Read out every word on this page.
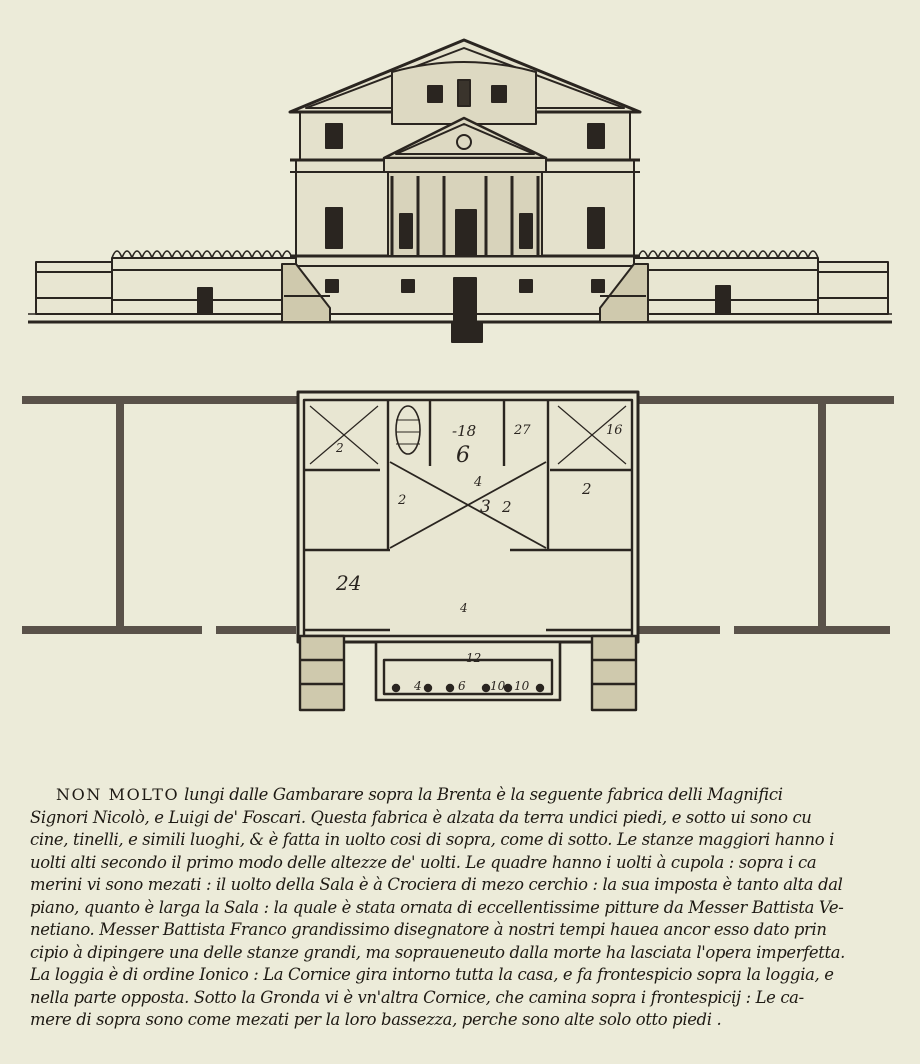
-18
6
4
3 2
2
27	16
2
2
24
4
12
4	6 10 10
NON MOLTO lungi dalle Gambarare sopra la Brenta è la seguente fabrica delli Magnifici
Signori Nicolò, e Luigi de' Foscari. Questa fabrica è alzata da terra undici piedi, e sotto ui sono cu
cine, tinelli, e simili luoghi, & è fatta in uolto cosi di sopra, come di sotto. Le stanze maggiori hanno i
uolti alti secondo il primo modo delle altezze de' uolti. Le quadre hanno i uolti à cupola : sopra i ca
merini vi sono mezati : il uolto della Sala è à Crociera di mezo cerchio : la sua imposta è tanto alta dal
piano, quanto è larga la Sala : la quale è stata ornata di eccellentissime pitture da Messer Battista Ve-
netiano. Messer Battista Franco grandissimo disegnatore à nostri tempi hauea ancor esso dato prin
cipio à dipingere una delle stanze grandi, ma sopraueneuto dalla morte ha lasciata l'opera imperfetta.
La loggia è di ordine Ionico : La Cornice gira intorno tutta la casa, e fa frontespicio sopra la loggia, e
nella parte opposta. Sotto la Gronda vi è vn'altra Cornice, che camina sopra i frontespicij : Le ca-
mere di sopra sono come mezati per la loro bassezza, perche sono alte solo otto piedi .
